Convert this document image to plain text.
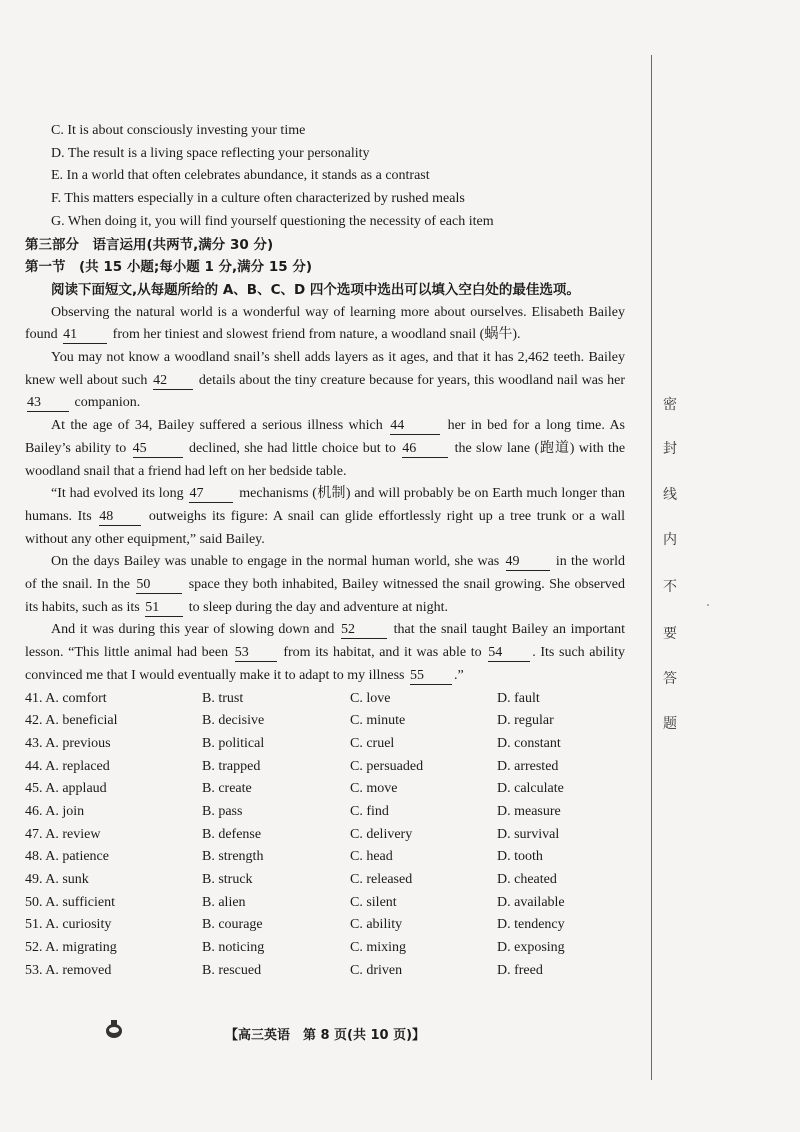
C. It is about consciously investing your time

D. The result is a living space reflecting your personality

E. In a world that often celebrates abundance, it stands as a contrast

F. This matters especially in a culture often characterized by rushed meals

G. When doing it, you will find yourself questioning the necessity of each item

第三部分　语言运用(共两节,满分 30 分)

第一节　(共 15 小题;每小题 1 分,满分 15 分)

阅读下面短文,从每题所给的 A、B、C、D 四个选项中选出可以填入空白处的最佳选项。

Observing the natural world is a wonderful way of learning more about ourselves. Elisabeth Bailey found 41	from her tiniest and slowest friend from nature, a woodland snail (蜗牛).

You may not know a woodland snail’s shell adds layers as it ages, and that it has 2,462 teeth. Bailey knew well about such 42 details about the tiny creature because for years, this woodland nail was her 43 companion.

At the age of 34, Bailey suffered a serious illness which 44	her in bed for a long time. As Bailey’s ability to 45	declined, she had little choice but to 46	the slow lane (跑道) with the woodland snail that a friend had left on her bedside table.

“It had evolved its long 47	mechanisms (机制) and will probably be on Earth much longer than humans. Its 48	outweighs its figure: A snail can glide effortlessly right up a tree trunk or a wall without any other equipment,” said Bailey.

On the days Bailey was unable to engage in the normal human world, she was 49	in the world of the snail. In the 50	space they both inhabited, Bailey witnessed the snail growing. She observed its habits, such as its 51 to sleep during the day and adventure at night.

And it was during this year of slowing down and 52	that the snail taught Bailey an important lesson. “This little animal had been 53 from its habitat, and it was able to 54 . Its such ability convinced me that I would eventually make it to adapt to my illness 55 .”

41. A. comfort	B. trust	C. love	D. fault
42. A. beneficial	B. decisive	C. minute	D. regular
43. A. previous	B. political	C. cruel	D. constant
44. A. replaced	B. trapped	C. persuaded	D. arrested
45. A. applaud	B. create	C. move	D. calculate
46. A. join	B. pass	C. find	D. measure
47. A. review	B. defense	C. delivery	D. survival
48. A. patience	B. strength	C. head	D. tooth
49. A. sunk	B. struck	C. released	D. cheated
50. A. sufficient	B. alien	C. silent	D. available
51. A. curiosity	B. courage	C. ability	D. tendency
52. A. migrating	B. noticing	C. mixing	D. exposing
53. A. removed	B. rescued	C. driven	D. freed
【高三英语　第 8 页(共 10 页)】
密
封
线
内
不
要
答
题
